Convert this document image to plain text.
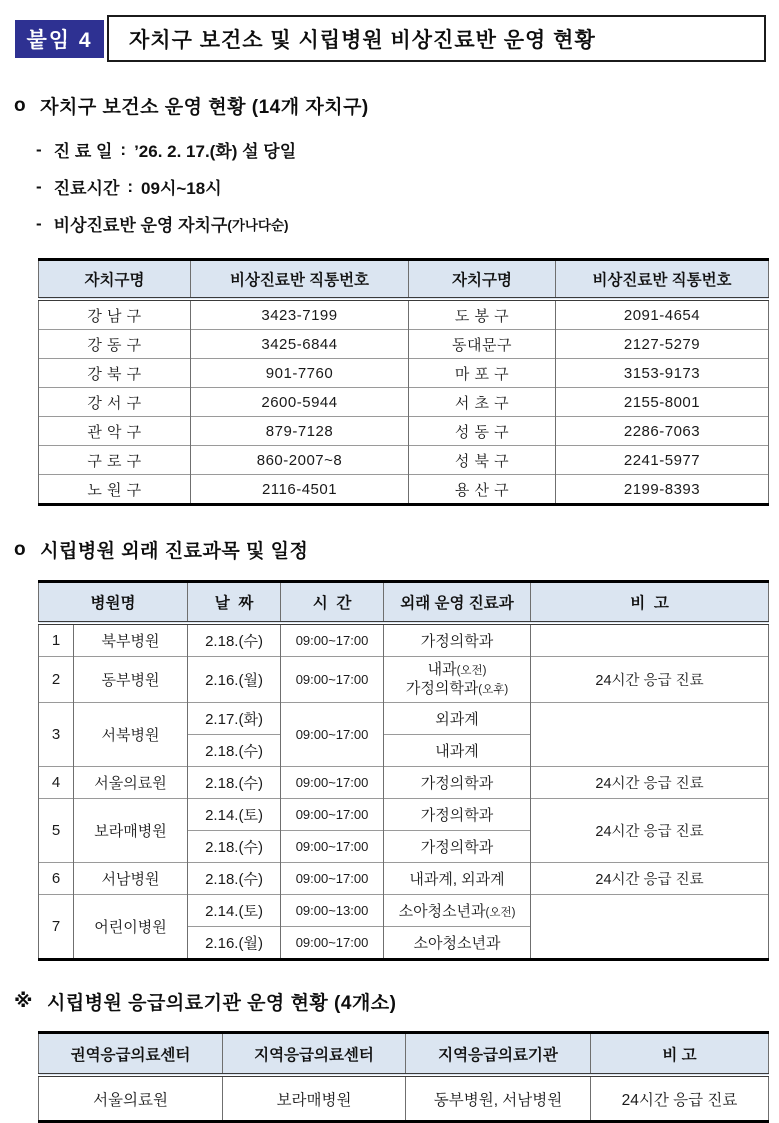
붙임 4	자치구 보건소 및 시립병원 비상진료반 운영 현황
o 자치구 보건소 운영 현황 (14개 자치구)
- 진 료 일 : ’26. 2. 17.(화) 설 당일
- 진료시간 : 09시~18시
- 비상진료반 운영 자치구 (가나다순)
자치구명	비상진료반 직통번호	자치구명	비상진료반 직통번호
강 남 구	3423-7199	도 봉 구	2091-4654
강 동 구	3425-6844	동대문구	2127-5279
강 북 구	901-7760	마 포 구	3153-9173
강 서 구	2600-5944	서 초 구	2155-8001
관 악 구	879-7128	성 동 구	2286-7063
구 로 구	860-2007~8	성 북 구	2241-5977
노 원 구	2116-4501	용 산 구	2199-8393
o 시립병원 외래 진료과목 및 일정
병원명		날  짜	시  간	외래 운영 진료과	비  고
1	북부병원	2.18.(수)	09:00~17:00	가정의학과	
2	동부병원	2.16.(월)	09:00~17:00	내과(오전)
가정의학과(오후)	24시간 응급 진료
3	서북병원	2.17.(화)	09:00~17:00	외과계	
		2.18.(수)		내과계	
4	서울의료원	2.18.(수)	09:00~17:00	가정의학과	24시간 응급 진료
5	보라매병원	2.14.(토)	09:00~17:00	가정의학과	24시간 응급 진료
		2.18.(수)	09:00~17:00	가정의학과	
6	서남병원	2.18.(수)	09:00~17:00	내과계, 외과계	24시간 응급 진료
7	어린이병원	2.14.(토)	09:00~13:00	소아청소년과(오전)	
		2.16.(월)	09:00~17:00	소아청소년과	
※ 시립병원 응급의료기관 운영 현황 (4개소)
권역응급의료센터	지역응급의료센터	지역응급의료기관	비 고
서울의료원	보라매병원	동부병원, 서남병원	24시간 응급 진료
